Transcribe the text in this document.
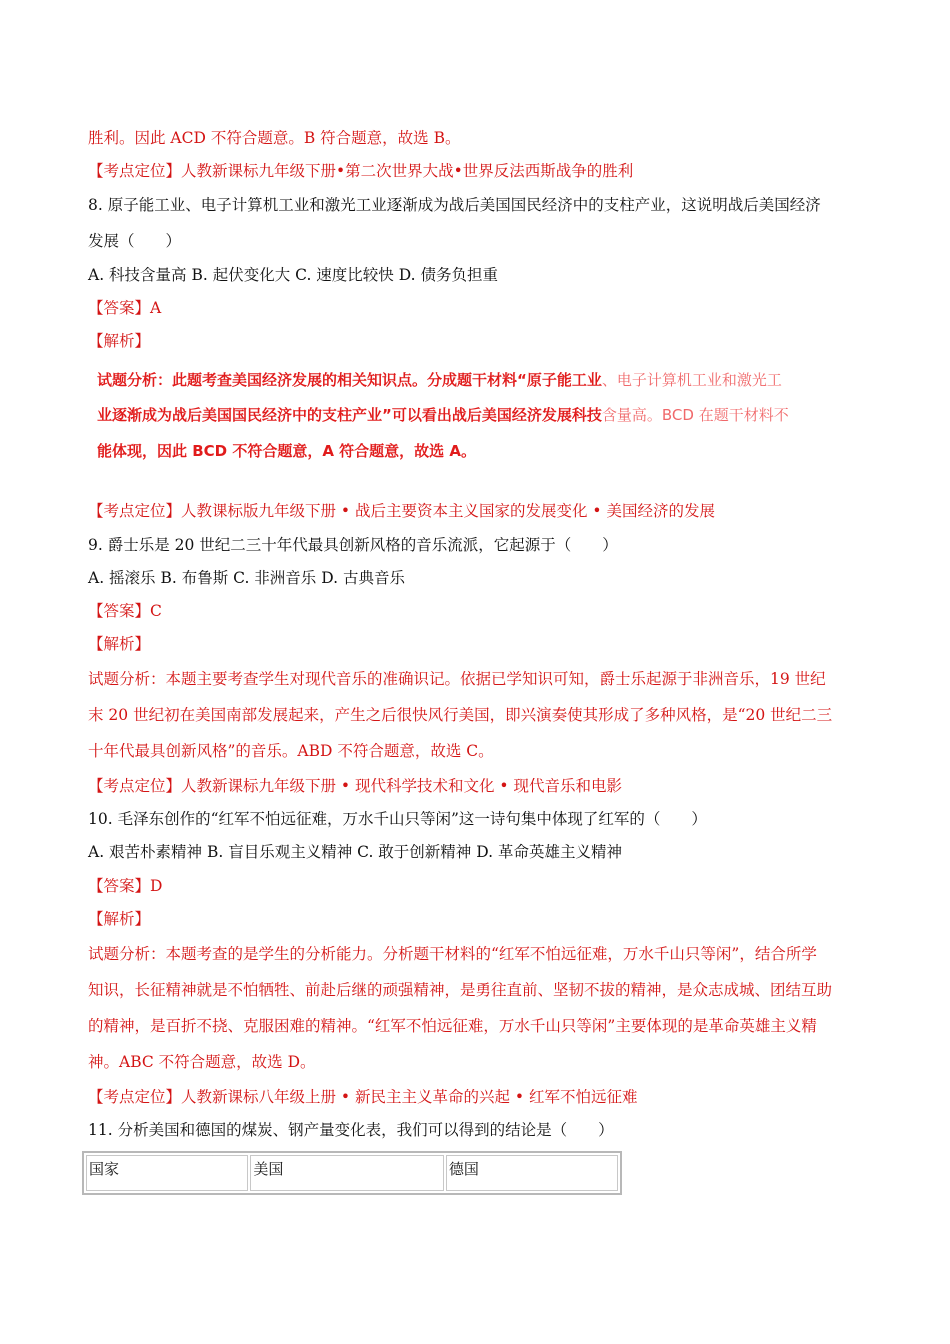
胜利。因此 ACD 不符合题意。B 符合题意，故选 B。
【考点定位】人教新课标九年级下册•第二次世界大战•世界反法西斯战争的胜利
8. 原子能工业、电子计算机工业和激光工业逐渐成为战后美国国民经济中的支柱产业，这说明战后美国经济
发展（　　）
A. 科技含量高 B. 起伏变化大 C. 速度比较快 D. 债务负担重
【答案】A
【解析】
试题分析：此题考查美国经济发展的相关知识点。分成题干材料“原子能工业、电子计算机工业和激光工
业逐渐成为战后美国国民经济中的支柱产业”可以看出战后美国经济发展科技含量高。BCD 在题干材料不
能体现，因此 BCD 不符合题意，A 符合题意，故选 A。
【考点定位】人教课标版九年级下册 • 战后主要资本主义国家的发展变化 • 美国经济的发展
9. 爵士乐是 20 世纪二三十年代最具创新风格的音乐流派，它起源于（　　）
A. 摇滚乐 B. 布鲁斯 C. 非洲音乐 D. 古典音乐
【答案】C
【解析】
试题分析：本题主要考查学生对现代音乐的准确识记。依据已学知识可知，爵士乐起源于非洲音乐，19 世纪
末 20 世纪初在美国南部发展起来，产生之后很快风行美国，即兴演奏使其形成了多种风格，是“20 世纪二三
十年代最具创新风格”的音乐。ABD 不符合题意，故选 C。
【考点定位】人教新课标九年级下册 • 现代科学技术和文化 • 现代音乐和电影
10. 毛泽东创作的“红军不怕远征难，万水千山只等闲”这一诗句集中体现了红军的（　　）
A. 艰苦朴素精神 B. 盲目乐观主义精神 C. 敢于创新精神 D. 革命英雄主义精神
【答案】D
【解析】
试题分析：本题考查的是学生的分析能力。分析题干材料的“红军不怕远征难，万水千山只等闲”，结合所学
知识，长征精神就是不怕牺牲、前赴后继的顽强精神，是勇往直前、坚韧不拔的精神，是众志成城、团结互助
的精神，是百折不挠、克服困难的精神。“红军不怕远征难，万水千山只等闲”主要体现的是革命英雄主义精
神。ABC 不符合题意，故选 D。
【考点定位】人教新课标八年级上册 • 新民主主义革命的兴起 • 红军不怕远征难
11. 分析美国和德国的煤炭、钢产量变化表，我们可以得到的结论是（　　）
国家	美国	德国
